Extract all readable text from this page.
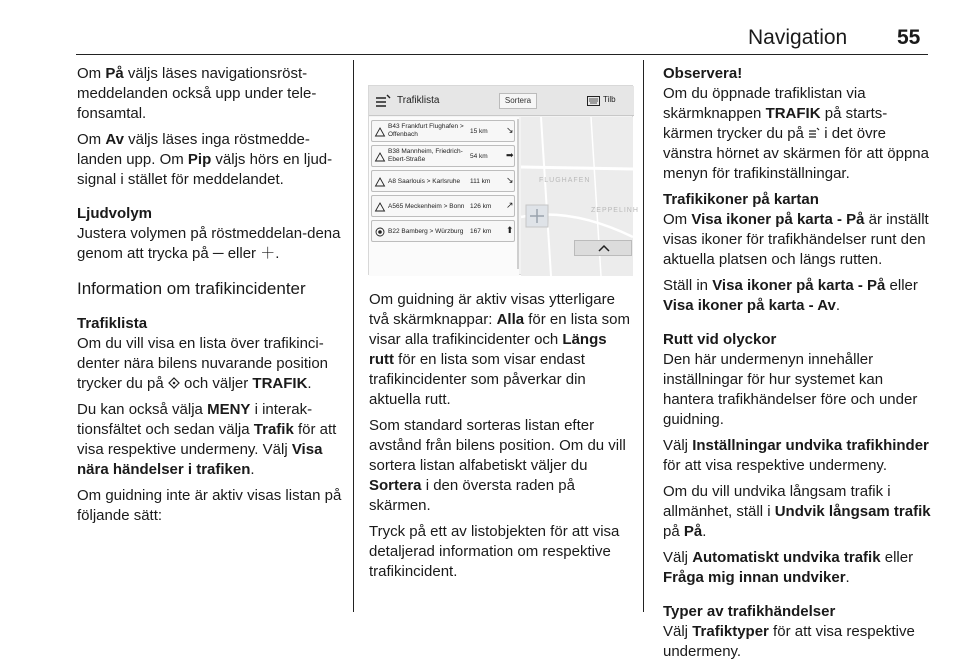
Navigation 55

Om På väljs läses navigationsröst-meddelanden också upp under tele-fonsamtal.

Om Av väljs läses inga röstmedde-landen upp. Om Pip väljs hörs en ljud-signal i stället för meddelandet.

Ljudvolym

Justera volymen på röstmeddelan-dena genom att trycka på ─ eller ＋.

Information om trafikincidenter
Trafiklista

Om du vill visa en lista över trafikinci-denter nära bilens nuvarande position trycker du på  och väljer TRAFIK.

Du kan också välja MENY i interak-tionsfältet och sedan välja Trafik för att visa respektive undermeny. Välj Visa nära händelser i trafiken.

Om guidning inte är aktiv visas listan på följande sätt:

Trafiklista	Sortera	Tilb
B43 Frankfurt Flughafen > Offenbach	15 km ↘
B38 Mannheim, Friedrich-Ebert-Straße	54 km ➡
A8 Saarlouis > Karlsruhe	111 km ↘
A565 Meckenheim > Bonn 126 km ↗
B22 Bamberg > Würzburg	167 km ⬆
FLUGHAFEN
ZEPPELINH

Om guidning är aktiv visas ytterligare två skärmknappar: Alla för en lista som visar alla trafikincidenter och Längs rutt för en lista som visar endast trafikincidenter som påverkar din aktuella rutt.

Som standard sorteras listan efter avstånd från bilens position. Om du vill sortera listan alfabetiskt väljer du Sortera i den översta raden på skärmen.

Tryck på ett av listobjekten för att visa detaljerad information om respektive trafikincident.

Observera!

Om du öppnade trafiklistan via skärmknappen TRAFIK på starts-kärmen trycker du på  i det övre vänstra hörnet av skärmen för att öppna menyn för trafikinställningar.

Trafikikoner på kartan

Om Visa ikoner på karta - På är inställt visas ikoner för trafikhändelser runt den aktuella platsen och längs rutten.

Ställ in Visa ikoner på karta - På eller Visa ikoner på karta - Av.

Rutt vid olyckor

Den här undermenyn innehåller inställningar för hur systemet kan hantera trafikhändelser före och under guidning.

Välj Inställningar undvika trafikhinder för att visa respektive undermeny.

Om du vill undvika långsam trafik i allmänhet, ställ i Undvik långsam trafik på På.

Välj Automatiskt undvika trafik eller Fråga mig innan undviker.

Typer av trafikhändelser

Välj Trafiktyper för att visa respektive undermeny.
